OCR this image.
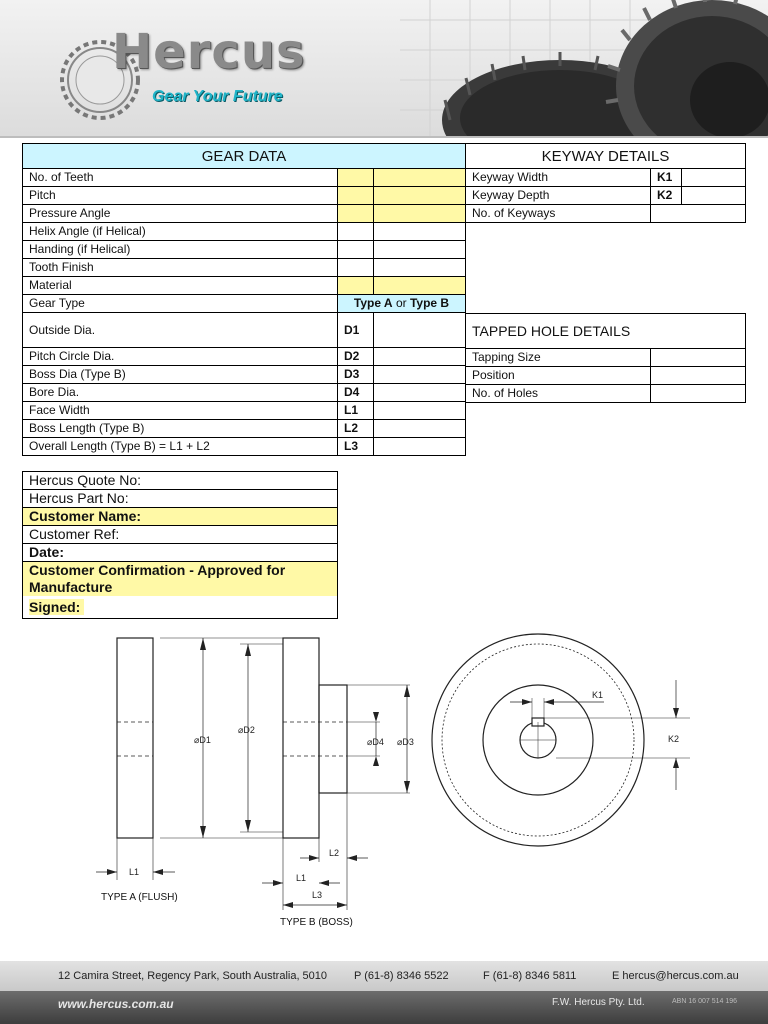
Hercus
Gear Your Future
GEAR DATA		
No. of Teeth		
Pitch		
Pressure Angle		
Helix Angle (if Helical)		
Handing (if Helical)		
Tooth Finish		
Material		
Gear Type	Type A or Type B	
Outside Dia.	D1	
Pitch Circle Dia.	D2	
Boss Dia (Type B)	D3	
Bore Dia.	D4	
Face Width	L1	
Boss Length (Type B)	L2	
Overall Length (Type B) = L1 + L2	L3	
KEYWAY DETAILS		
Keyway Width	K1	
Keyway Depth	K2	
No. of Keyways		
TAPPED HOLE DETAILS	
Tapping Size	
Position	
No. of Holes	
Hercus Quote No:
Hercus Part No:
Customer Name:
Customer Ref:
Date:
Customer Confirmation - Approved for Manufacture
Signed:
⌀D1
⌀D2
⌀D4 ⌀D3
L1
L2
L1
L3
K1
K2
TYPE A (FLUSH)
TYPE B (BOSS)
12 Camira Street, Regency Park, South Australia, 5010 P (61-8) 8346 5522	F (61-8) 8346 5811	E hercus@hercus.com.au
www.hercus.com.au	F.W. Hercus Pty. Ltd.	ABN 16 007 514 196
